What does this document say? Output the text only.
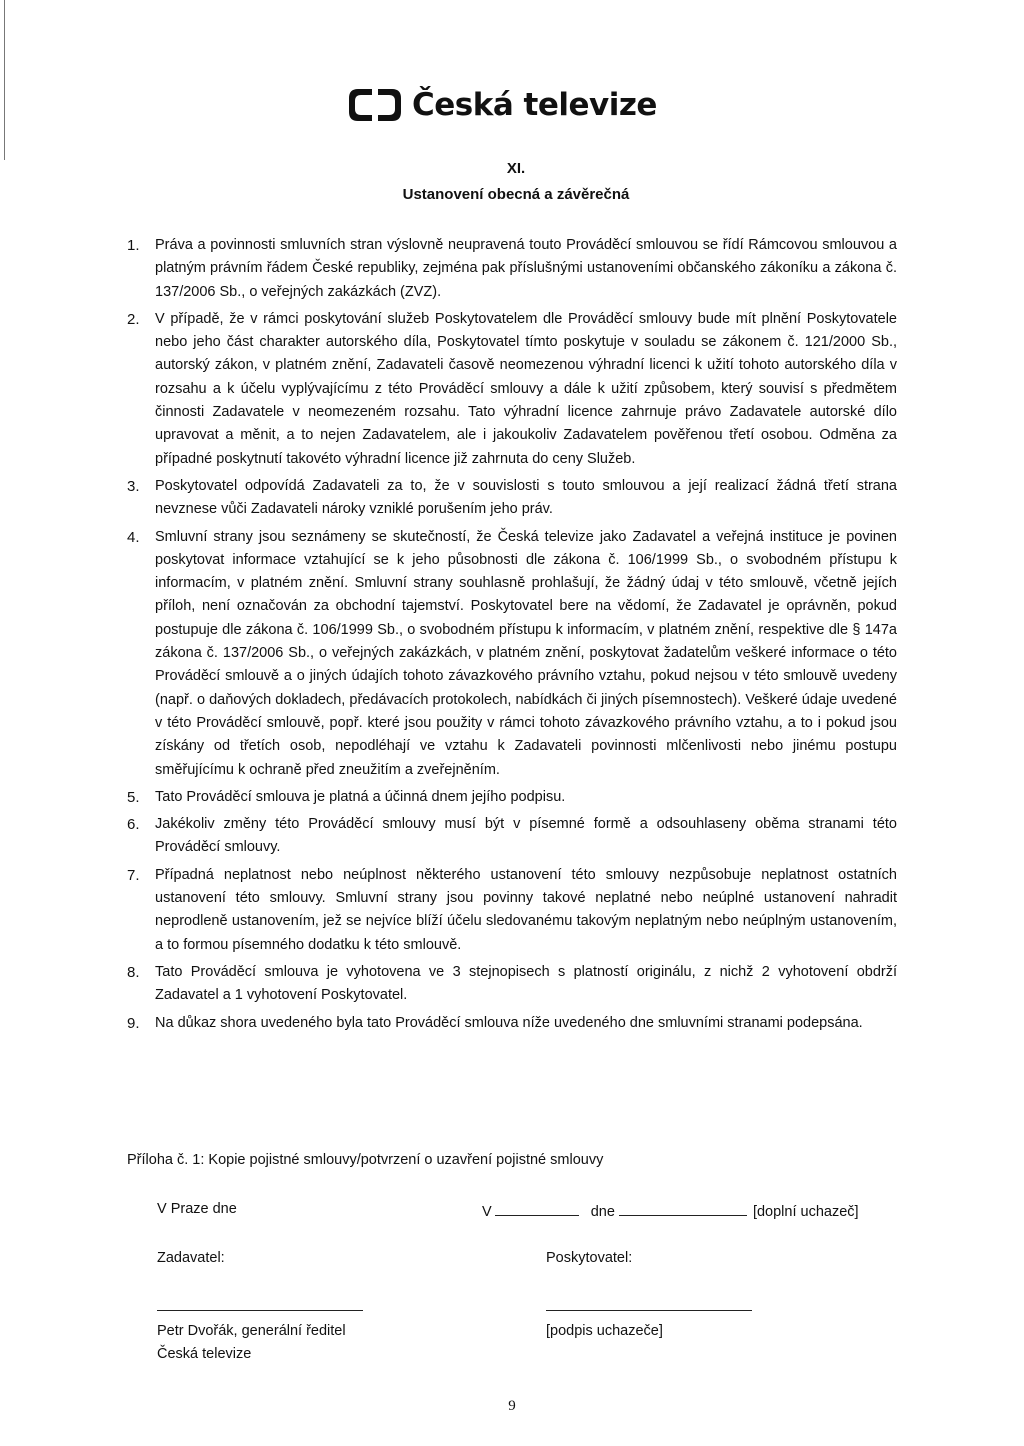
Česká televize
XI.
Ustanovení obecná a závěrečná
1. Práva a povinnosti smluvních stran výslovně neupravená touto Prováděcí smlouvou se řídí Rámcovou smlouvou a platným právním řádem České republiky, zejména pak příslušnými ustanoveními občanského zákoníku a zákona č. 137/2006 Sb., o veřejných zakázkách (ZVZ).
2. V případě, že v rámci poskytování služeb Poskytovatelem dle Prováděcí smlouvy bude mít plnění Poskytovatele nebo jeho část charakter autorského díla, Poskytovatel tímto poskytuje v souladu se zákonem č. 121/2000 Sb., autorský zákon, v platném znění, Zadavateli časově neomezenou výhradní licenci k užití tohoto autorského díla v rozsahu a k účelu vyplývajícímu z této Prováděcí smlouvy a dále k užití způsobem, který souvisí s předmětem činnosti Zadavatele v neomezeném rozsahu. Tato výhradní licence zahrnuje právo Zadavatele autorské dílo upravovat a měnit, a to nejen Zadavatelem, ale i jakoukoliv Zadavatelem pověřenou třetí osobou. Odměna za případné poskytnutí takovéto výhradní licence již zahrnuta do ceny Služeb.
3. Poskytovatel odpovídá Zadavateli za to, že v souvislosti s touto smlouvou a její realizací žádná třetí strana nevznese vůči Zadavateli nároky vzniklé porušením jeho práv.
4. Smluvní strany jsou seznámeny se skutečností, že Česká televize jako Zadavatel a veřejná instituce je povinen poskytovat informace vztahující se k jeho působnosti dle zákona č. 106/1999 Sb., o svobodném přístupu k informacím, v platném znění. Smluvní strany souhlasně prohlašují, že žádný údaj v této smlouvě, včetně jejích příloh, není označován za obchodní tajemství. Poskytovatel bere na vědomí, že Zadavatel je oprávněn, pokud postupuje dle zákona č. 106/1999 Sb., o svobodném přístupu k informacím, v platném znění, respektive dle § 147a zákona č. 137/2006 Sb., o veřejných zakázkách, v platném znění, poskytovat žadatelům veškeré informace o této Prováděcí smlouvě a o jiných údajích tohoto závazkového právního vztahu, pokud nejsou v této smlouvě uvedeny (např. o daňových dokladech, předávacích protokolech, nabídkách či jiných písemnostech). Veškeré údaje uvedené v této Prováděcí smlouvě, popř. které jsou použity v rámci tohoto závazkového právního vztahu, a to i pokud jsou získány od třetích osob, nepodléhají ve vztahu k Zadavateli povinnosti mlčenlivosti nebo jinému postupu směřujícímu k ochraně před zneužitím a zveřejněním.
5. Tato Prováděcí smlouva je platná a účinná dnem jejího podpisu.
6. Jakékoliv změny této Prováděcí smlouvy musí být v písemné formě a odsouhlaseny oběma stranami této Prováděcí smlouvy.
7. Případná neplatnost nebo neúplnost některého ustanovení této smlouvy nezpůsobuje neplatnost ostatních ustanovení této smlouvy. Smluvní strany jsou povinny takové neplatné nebo neúplné ustanovení nahradit neprodleně ustanovením, jež se nejvíce blíží účelu sledovanému takovým neplatným nebo neúplným ustanovením, a to formou písemného dodatku k této smlouvě.
8. Tato Prováděcí smlouva je vyhotovena ve 3 stejnopisech s platností originálu, z nichž 2 vyhotovení obdrží Zadavatel a 1 vyhotovení Poskytovatel.
9. Na důkaz shora uvedeného byla tato Prováděcí smlouva níže uvedeného dne smluvními stranami podepsána.
Příloha č. 1: Kopie pojistné smlouvy/potvrzení o uzavření pojistné smlouvy
V Praze dne	V	dne	[doplní uchazeč]
Zadavatel:	Poskytovatel:
Petr Dvořák, generální ředitel
Česká televize
[podpis uchazeče]
9
